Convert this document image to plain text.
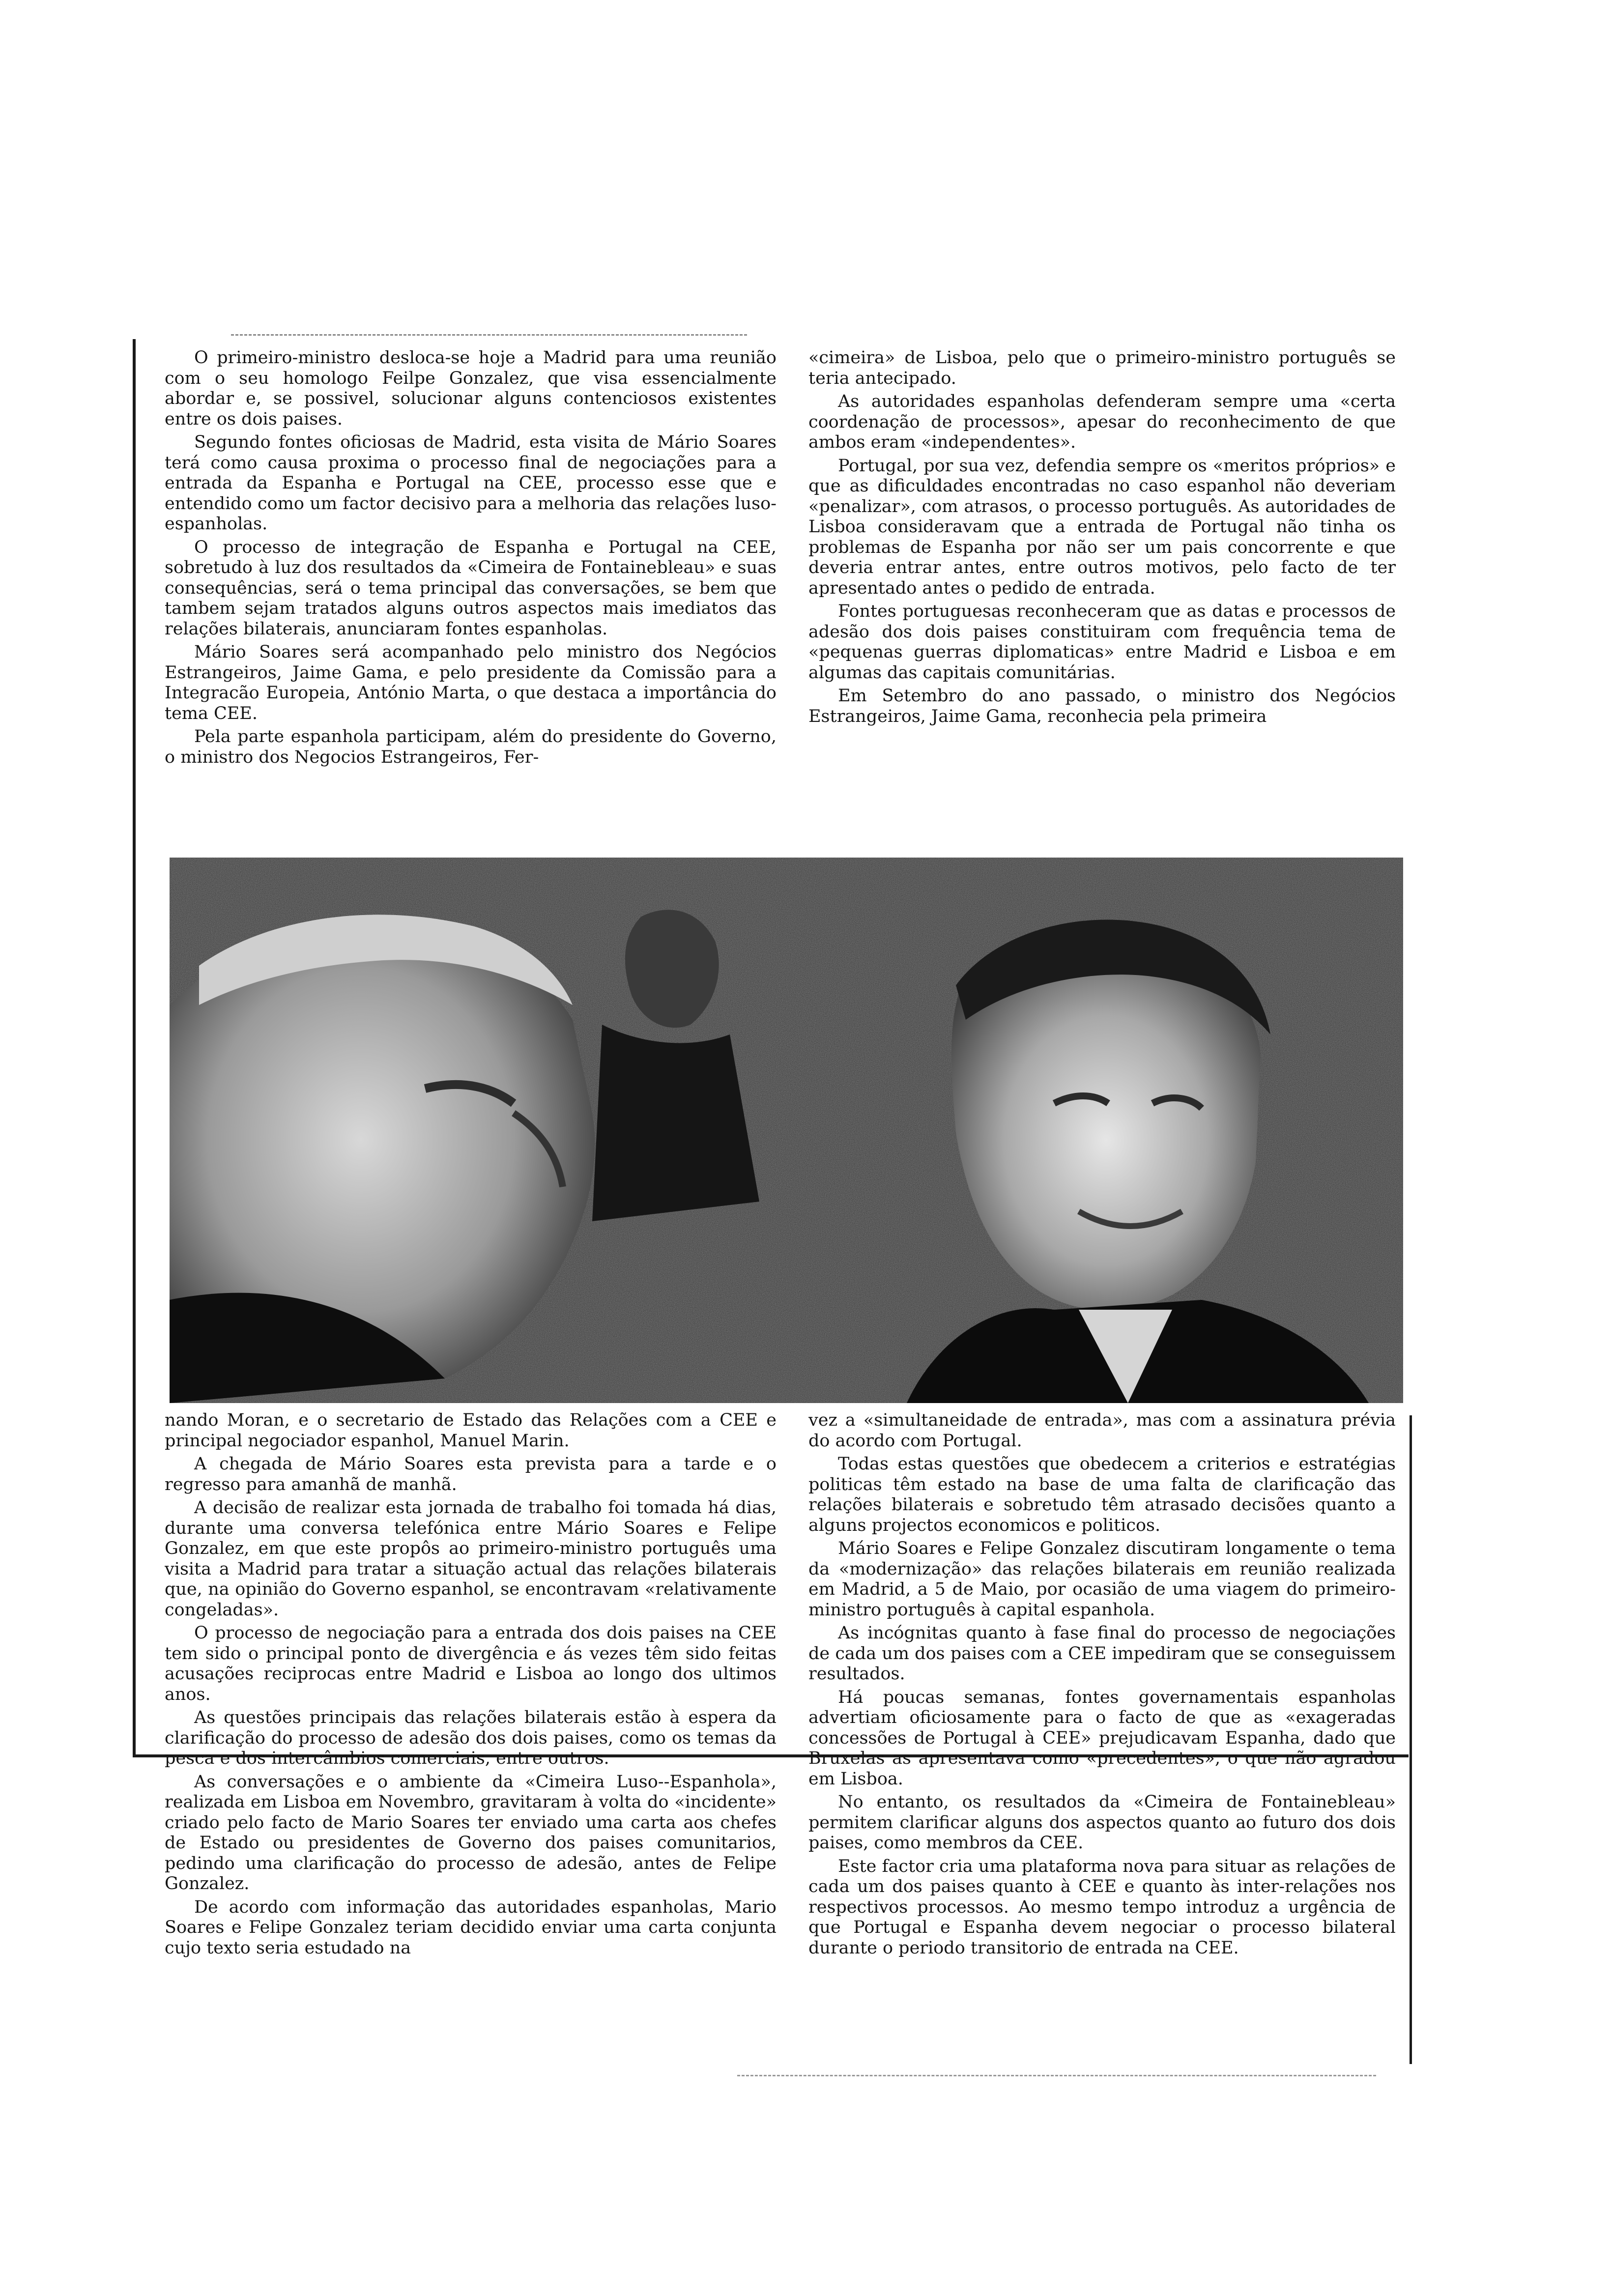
O primeiro-ministro desloca-se hoje a Madrid para uma reunião com o seu homologo Feilpe Gonzalez, que visa essencialmente abordar e, se possivel, solucionar alguns contenciosos existentes entre os dois paises.

Segundo fontes oficiosas de Madrid, esta visita de Mário Soares terá como causa proxima o processo final de negociações para a entrada da Espanha e Portugal na CEE, processo esse que e entendido como um factor decisivo para a melhoria das relações luso-espanholas.

O processo de integração de Espanha e Portugal na CEE, sobretudo à luz dos resultados da «Cimeira de Fontainebleau» e suas consequências, será o tema principal das conversações, se bem que tambem sejam tratados alguns outros aspectos mais imediatos das relações bilaterais, anunciaram fontes espanholas.

Mário Soares será acompanhado pelo ministro dos Negócios Estrangeiros, Jaime Gama, e pelo presidente da Comissão para a Integracão Europeia, António Marta, o que destaca a importância do tema CEE.

Pela parte espanhola participam, além do presidente do Governo, o ministro dos Negocios Estrangeiros, Fer-

«cimeira» de Lisboa, pelo que o primeiro-ministro português se teria antecipado.

As autoridades espanholas defenderam sempre uma «certa coordenação de processos», apesar do reconhecimento de que ambos eram «independentes».

Portugal, por sua vez, defendia sempre os «meritos próprios» e que as dificuldades encontradas no caso espanhol não deveriam «penalizar», com atrasos, o processo português. As autoridades de Lisboa consideravam que a entrada de Portugal não tinha os problemas de Espanha por não ser um pais concorrente e que deveria entrar antes, entre outros motivos, pelo facto de ter apresentado antes o pedido de entrada.

Fontes portuguesas reconheceram que as datas e processos de adesão dos dois paises constituiram com frequência tema de «pequenas guerras diplomaticas» entre Madrid e Lisboa e em algumas das capitais comunitárias.

Em Setembro do ano passado, o ministro dos Negócios Estrangeiros, Jaime Gama, reconhecia pela primeira

nando Moran, e o secretario de Estado das Relações com a CEE e principal negociador espanhol, Manuel Marin.

A chegada de Mário Soares esta prevista para a tarde e o regresso para amanhã de manhã.

A decisão de realizar esta jornada de trabalho foi tomada há dias, durante uma conversa telefónica entre Mário Soares e Felipe Gonzalez, em que este propôs ao primeiro-ministro português uma visita a Madrid para tratar a situação actual das relações bilaterais que, na opinião do Governo espanhol, se encontravam «relativamente congeladas».

O processo de negociação para a entrada dos dois paises na CEE tem sido o principal ponto de divergência e ás vezes têm sido feitas acusações reciprocas entre Madrid e Lisboa ao longo dos ultimos anos.

As questões principais das relações bilaterais estão à espera da clarificação do processo de adesão dos dois paises, como os temas da pesca e dos intercâmbios comerciais, entre outros.

As conversações e o ambiente da «Cimeira Luso--Espanhola», realizada em Lisboa em Novembro, gravitaram à volta do «incidente» criado pelo facto de Mario Soares ter enviado uma carta aos chefes de Estado ou presidentes de Governo dos paises comunitarios, pedindo uma clarificação do processo de adesão, antes de Felipe Gonzalez.

De acordo com informação das autoridades espanholas, Mario Soares e Felipe Gonzalez teriam decidido enviar uma carta conjunta cujo texto seria estudado na

vez a «simultaneidade de entrada», mas com a assinatura prévia do acordo com Portugal.

Todas estas questões que obedecem a criterios e estratégias politicas têm estado na base de uma falta de clarificação das relações bilaterais e sobretudo têm atrasado decisões quanto a alguns projectos economicos e politicos.

Mário Soares e Felipe Gonzalez discutiram longamente o tema da «modernização» das relações bilaterais em reunião realizada em Madrid, a 5 de Maio, por ocasião de uma viagem do primeiro-ministro português à capital espanhola.

As incógnitas quanto à fase final do processo de negociações de cada um dos paises com a CEE impediram que se conseguissem resultados.

Há poucas semanas, fontes governamentais espanholas advertiam oficiosamente para o facto de que as «exageradas concessões de Portugal à CEE» prejudicavam Espanha, dado que Bruxelas as apresentava como «precedentes», o que não agradou em Lisboa.

No entanto, os resultados da «Cimeira de Fontainebleau» permitem clarificar alguns dos aspectos quanto ao futuro dos dois paises, como membros da CEE.

Este factor cria uma plataforma nova para situar as relações de cada um dos paises quanto à CEE e quanto às inter-relações nos respectivos processos. Ao mesmo tempo introduz a urgência de que Portugal e Espanha devem negociar o processo bilateral durante o periodo transitorio de entrada na CEE.
